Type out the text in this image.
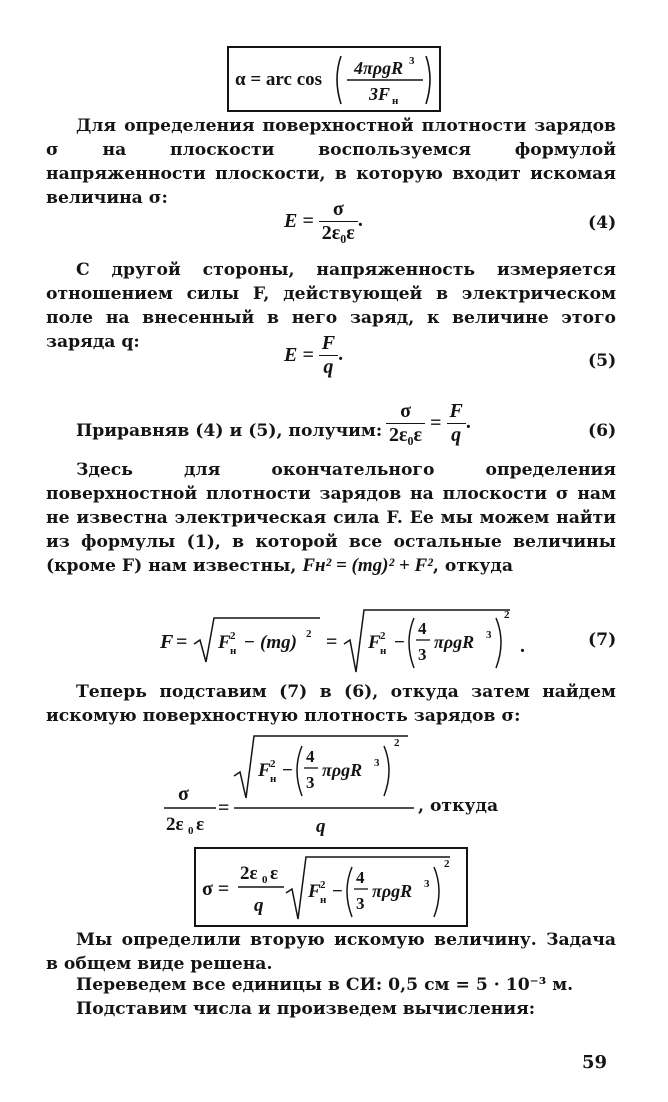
α = arc cos
4πρgR 3
3F н
Для определения поверхностной плотности зарядов σ на плоскости воспользуемся формулой напряженности плоскости, в которую входит искомая величина σ:
$E = \frac{\sigma}{\text{2ε₀ε}}$ .	(4)
С другой стороны, напряженность измеряется отношением силы F, действующей в электрическом поле на внесенный в него заряд, к величине этого заряда q:
$E = \frac{F}{q}$ .	(5)
Приравняв (4) и (5), получим: $\frac{\sigma}{\text{2ε₀ε}} = \frac{F}{q}$ .	(6)
Здесь для окончательного определения поверхностной плотности зарядов на плоскости σ нам не известна электрическая сила F. Ее мы можем найти из формулы (1), в которой все остальные величины (кроме F) нам известны, Fн² = (mg)² + F², откуда
F = F 2
н − (mg) 2 = F 2
н −
4
3
πρgR 3
2
.	(7)
Теперь подставим (7) в (6), откуда затем найдем искомую поверхностную плотность зарядов σ:
σ
2ε 0 ε
=
F 2
н −
4
3
πρgR 3
2
q
, откуда
σ =
2ε 0 ε
q
F 2
н −
4
3
πρgR 3
2
Мы определили вторую искомую величину. Задача в общем виде решена.
Переведем все единицы в СИ: 0,5 см = 5 · 10⁻³ м.
Подставим числа и произведем вычисления:
59
